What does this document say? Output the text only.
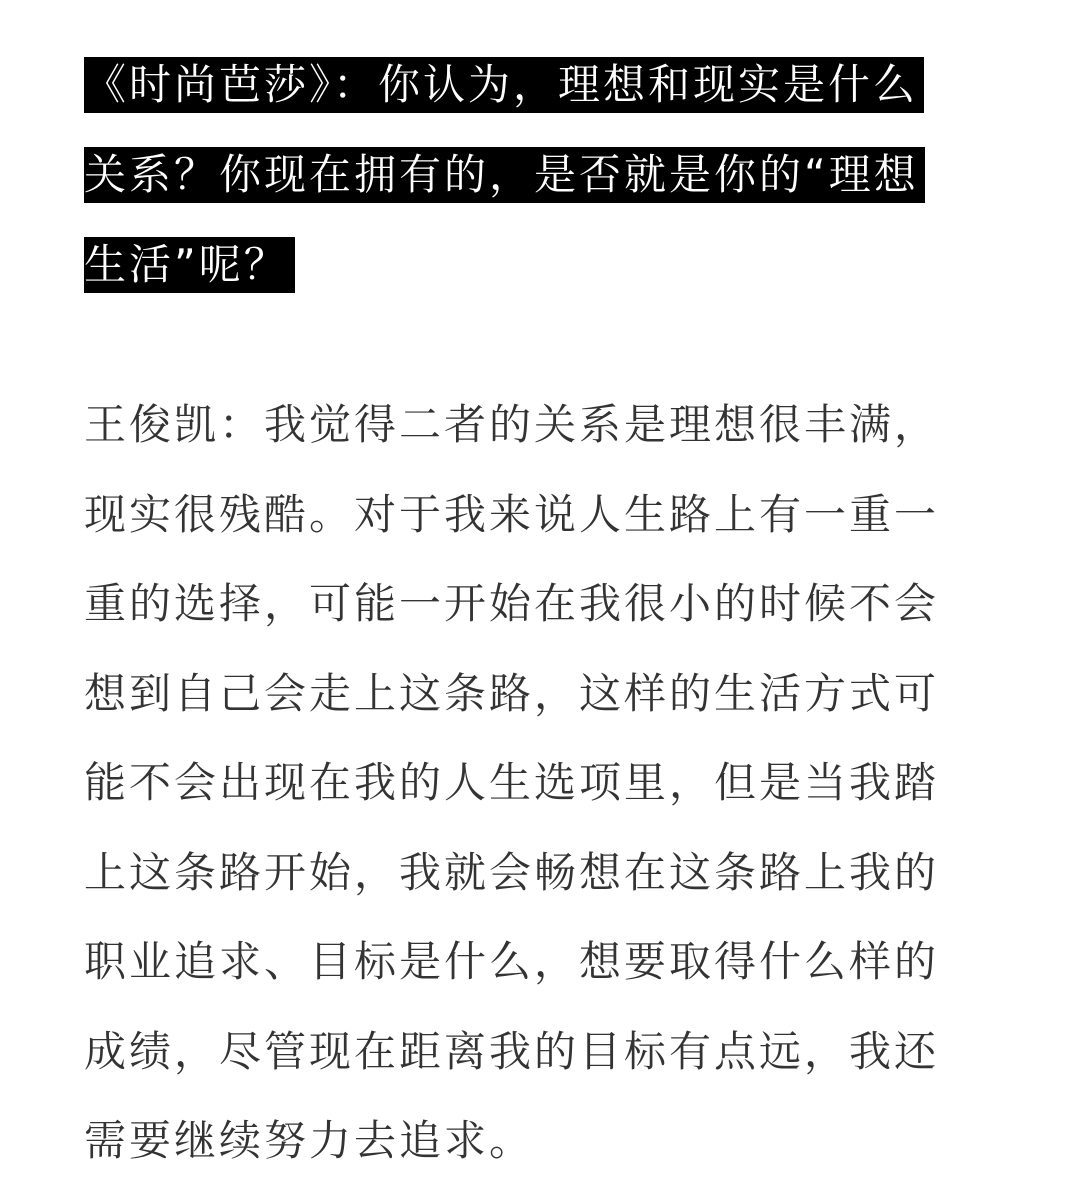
《时尚芭莎》：你认为，理想和现实是什么
关系？你现在拥有的，是否就是你的“理想
生活”呢？
王俊凯：我觉得二者的关系是理想很丰满，
现实很残酷。对于我来说人生路上有一重一
重的选择，可能一开始在我很小的时候不会
想到自己会走上这条路，这样的生活方式可
能不会出现在我的人生选项里，但是当我踏
上这条路开始，我就会畅想在这条路上我的
职业追求、目标是什么，想要取得什么样的
成绩，尽管现在距离我的目标有点远，我还
需要继续努力去追求。
